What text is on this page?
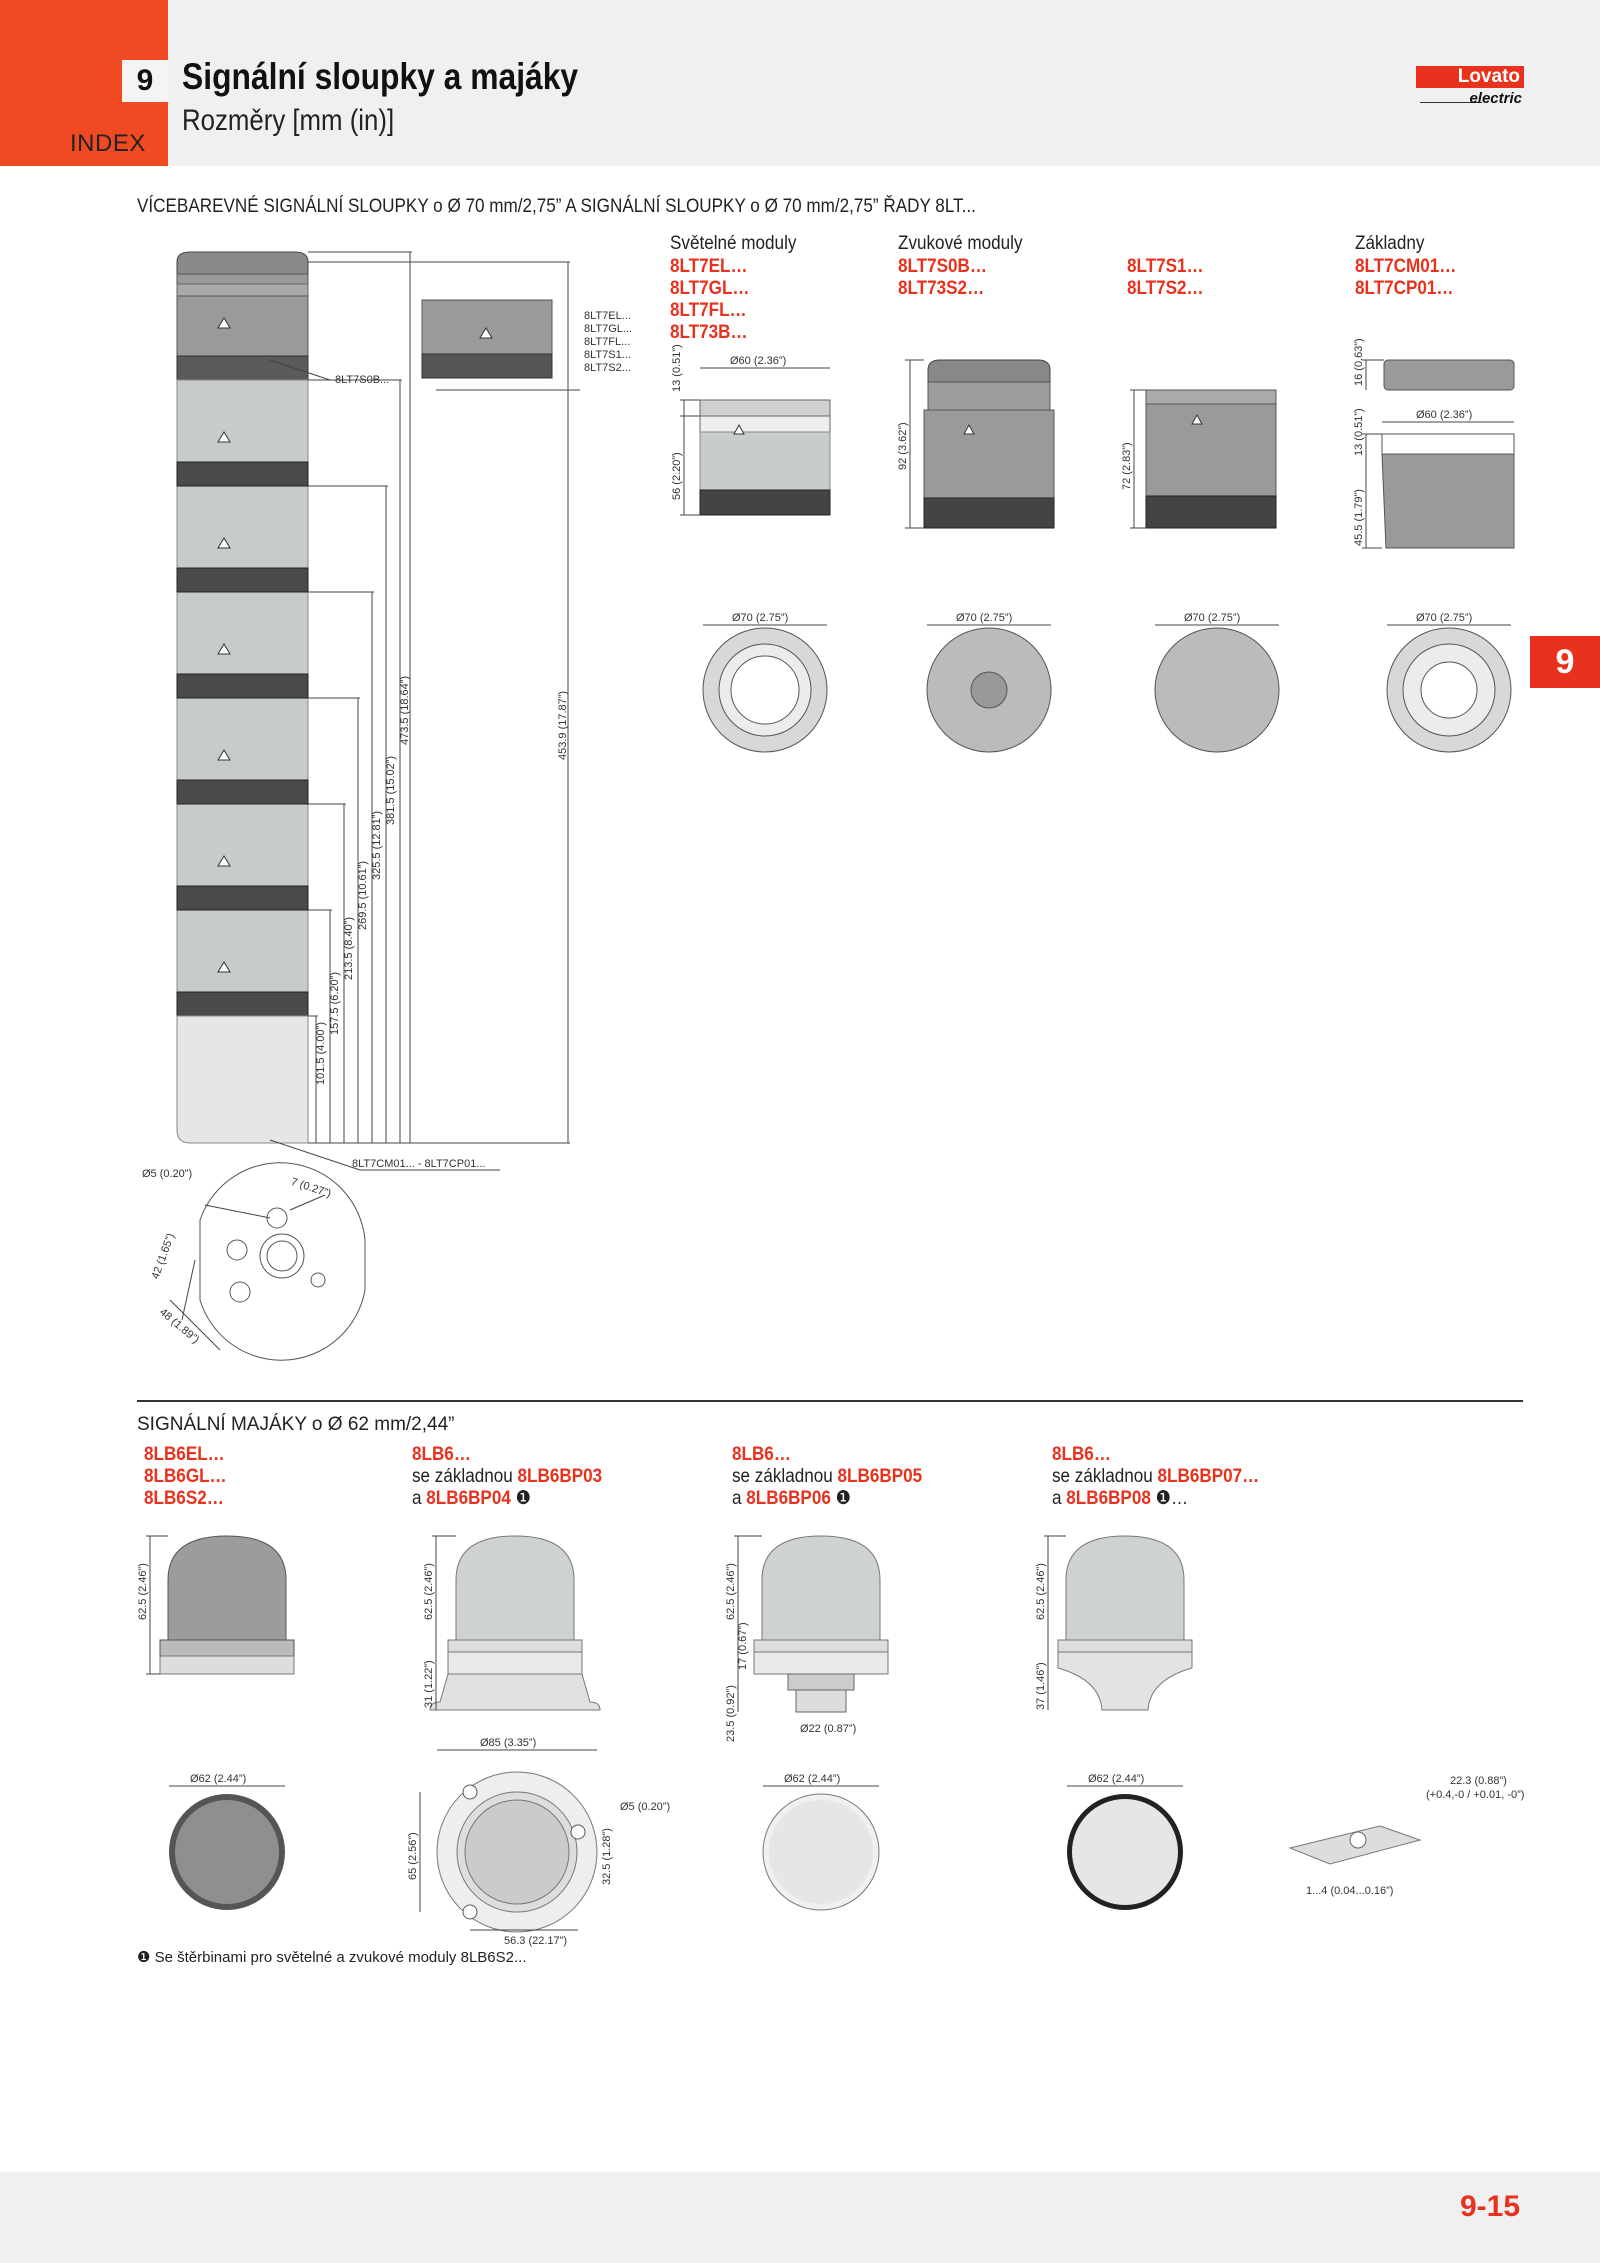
9
INDEX
Signální sloupky a majáky
Rozměry [mm (in)]
Lovato
electric
9
VÍCEBAREVNÉ SIGNÁLNÍ SLOUPKY o Ø 70 mm/2,75” A SIGNÁLNÍ SLOUPKY o Ø 70 mm/2,75” ŘADY 8LT...
Světelné moduly
8LT7EL…
8LT7GL…
8LT7FL…
8LT73B…
Zvukové moduly
8LT7S0B…
8LT73S2…
8LT7S1…
8LT7S2…
Základny
8LT7CM01…
8LT7CP01…
8LT7S0B...
8LT7CM01... - 8LT7CP01...
8LT7EL...
8LT7GL...
8LT7FL...
8LT7S1...
8LT7S2...
101.5 (4.00”)
157.5 (6.20”)
213.5 (8.40”)
269.5 (10.61”)
325.5 (12.81”)
381.5 (15.02”)
473.5 (18.64”)	453.9 (17.87”)
Ø5 (0.20”)
7 (0.27”)
42 (1.65”)
48 (1.89”)
13 (0.51”)	Ø60 (2.36”)
56 (2.20”)
92 (3.62”)	72 (2.83”)
16 (0.63”)
13 (0.51”)	Ø60 (2.36”)
45.5 (1.79”)
Ø70 (2.75”)	Ø70 (2.75”)	Ø70 (2.75”)	Ø70 (2.75”)
SIGNÁLNÍ MAJÁKY o Ø 62 mm/2,44”
8LB6EL…
8LB6GL…
8LB6S2…
8LB6…
se základnou 8LB6BP03
a 8LB6BP04 ❶
8LB6…
se základnou 8LB6BP05
a 8LB6BP06 ❶
8LB6…
se základnou 8LB6BP07…
a 8LB6BP08 ❶…
62.5 (2.46”)	62.5 (2.46”)
31 (1.22”)
62.5 (2.46”)
17 (0.67”)
23.5 (0.92”)	Ø22 (0.87”)
62.5 (2.46”)
37 (1.46”)
Ø62 (2.44”)
Ø85 (3.35”)
65 (2.56”)
Ø5 (0.20”)
32.5 (1.28”)
56.3 (22.17”)
Ø62 (2.44”)	Ø62 (2.44”)	22.3 (0.88”)
(+0.4,-0 / +0.01, -0”)
1...4 (0.04...0.16”)
❶ Se štěrbinami pro světelné a zvukové moduly 8LB6S2...
9-15
